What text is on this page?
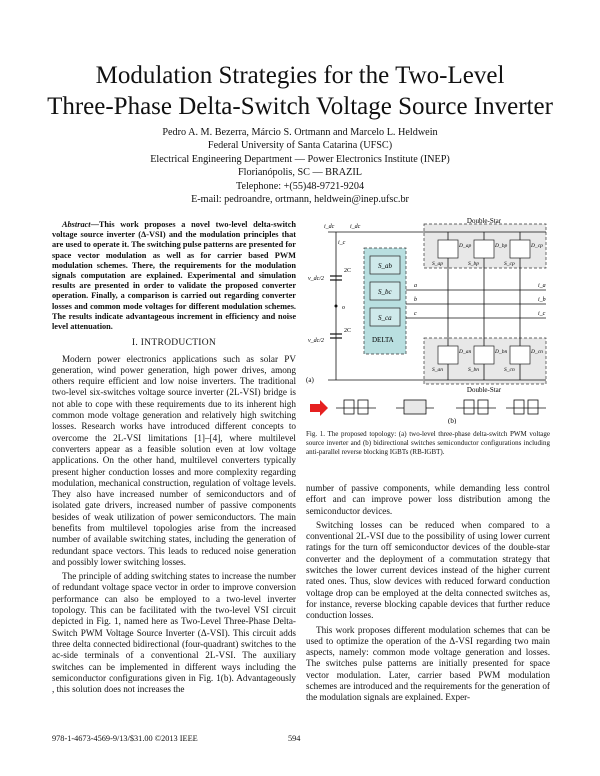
Modulation Strategies for the Two-Level
Three-Phase Delta-Switch Voltage Source Inverter
Pedro A. M. Bezerra, Márcio S. Ortmann and Marcelo L. Heldwein
Federal University of Santa Catarina (UFSC)
Electrical Engineering Department — Power Electronics Institute (INEP)
Florianópolis, SC — BRAZIL
Telephone: +(55)48-9721-9204
E-mail: pedroandre, ortmann, heldwein@inep.ufsc.br

Abstract—This work proposes a novel two-level delta-switch voltage source inverter (Δ-VSI) and the modulation principles that are used to operate it. The switching pulse patterns are presented for space vector modulation as well as for carrier based PWM modulation schemes. There, the requirements for the modulation signals computation are explained. Experimental and simulation results are presented in order to validate the proposed converter operation. Finally, a comparison is carried out regarding converter losses and common mode voltages for different modulation schemes. The results indicate advantageous increment in efficiency and noise level attenuation.

I. INTRODUCTION

Modern power electronics applications such as solar PV generation, wind power generation, high power drives, among others require efficient and low noise inverters. The traditional two-level six-switches voltage source inverter (2L-VSI) bridge is not able to cope with these requirements due to its inherent high common mode voltage generation and relatively high switching losses. Research works have introduced different concepts to overcome the 2L-VSI limitations [1]–[4], where multilevel converters appear as a feasible solution even at low voltage applications. On the other hand, multilevel converters typically present higher conduction losses and more complexity regarding modulation, mechanical construction, regulation of voltage levels. They also have increased number of semiconductors and of isolated gate drivers, increased number of passive components besides of weak utilization of power semiconductors. The main benefits from multilevel topologies arise from the increased number of available switching states, including the generation of redundant space vectors. This leads to reduced noise generation and possibly lower switching losses.

The principle of adding switching states to increase the number of redundant voltage space vector in order to improve conversion performance can also be employed to a two-level inverter topology. This can be facilitated with the two-level VSI circuit depicted in Fig. 1, named here as Two-Level Three-Phase Delta-Switch PWM Voltage Source Inverter (Δ-VSI). This circuit adds three delta connected bidirectional (four-quadrant) switches to the ac-side terminals of a conventional 2L-VSI. The auxiliary switches can be implemented in different ways including the semiconductor configurations given in Fig. 1(b). Advantageously , this solution does not increases the

Double-Star
Double-Star
S_ab
S_bc
S_ca
DELTA
i_dc	i_dc
i_c
2C
2C
v_dc/2
v_dc/2
o
a
b
c
i_a
i_b
i_c
D_ap	D_bp	D_cp
S_ap	S_bp	S_cp
D_an	D_bn	D_cn
S_an	S_bn	S_cn
(a)
(b)
Fig. 1. The proposed topology: (a) two-level three-phase delta-switch PWM voltage source inverter and (b) bidirectional switches semiconductor configurations including anti-parallel reverse blocking IGBTs (RB-IGBT).

number of passive components, while demanding less control effort and can improve power loss distribution among the semiconductor devices.

Switching losses can be reduced when compared to a conventional 2L-VSI due to the possibility of using lower current ratings for the turn off semiconductor devices of the double-star converter and the deployment of a commutation strategy that switches the lower current devices instead of the higher current rated ones. Thus, slow devices with reduced forward conduction voltage drop can be employed at the delta connected switches as, for instance, reverse blocking capable devices that further reduce conduction losses.

This work proposes different modulation schemes that can be used to optimize the operation of the Δ-VSI regarding two main aspects, namely: common mode voltage generation and losses. The switches pulse patterns are initially presented for space vector modulation. Later, carrier based PWM modulation schemes are introduced and the requirements for the generation of the modulation signals are explained. Exper-

978-1-4673-4569-9/13/$31.00 ©2013 IEEE	594
